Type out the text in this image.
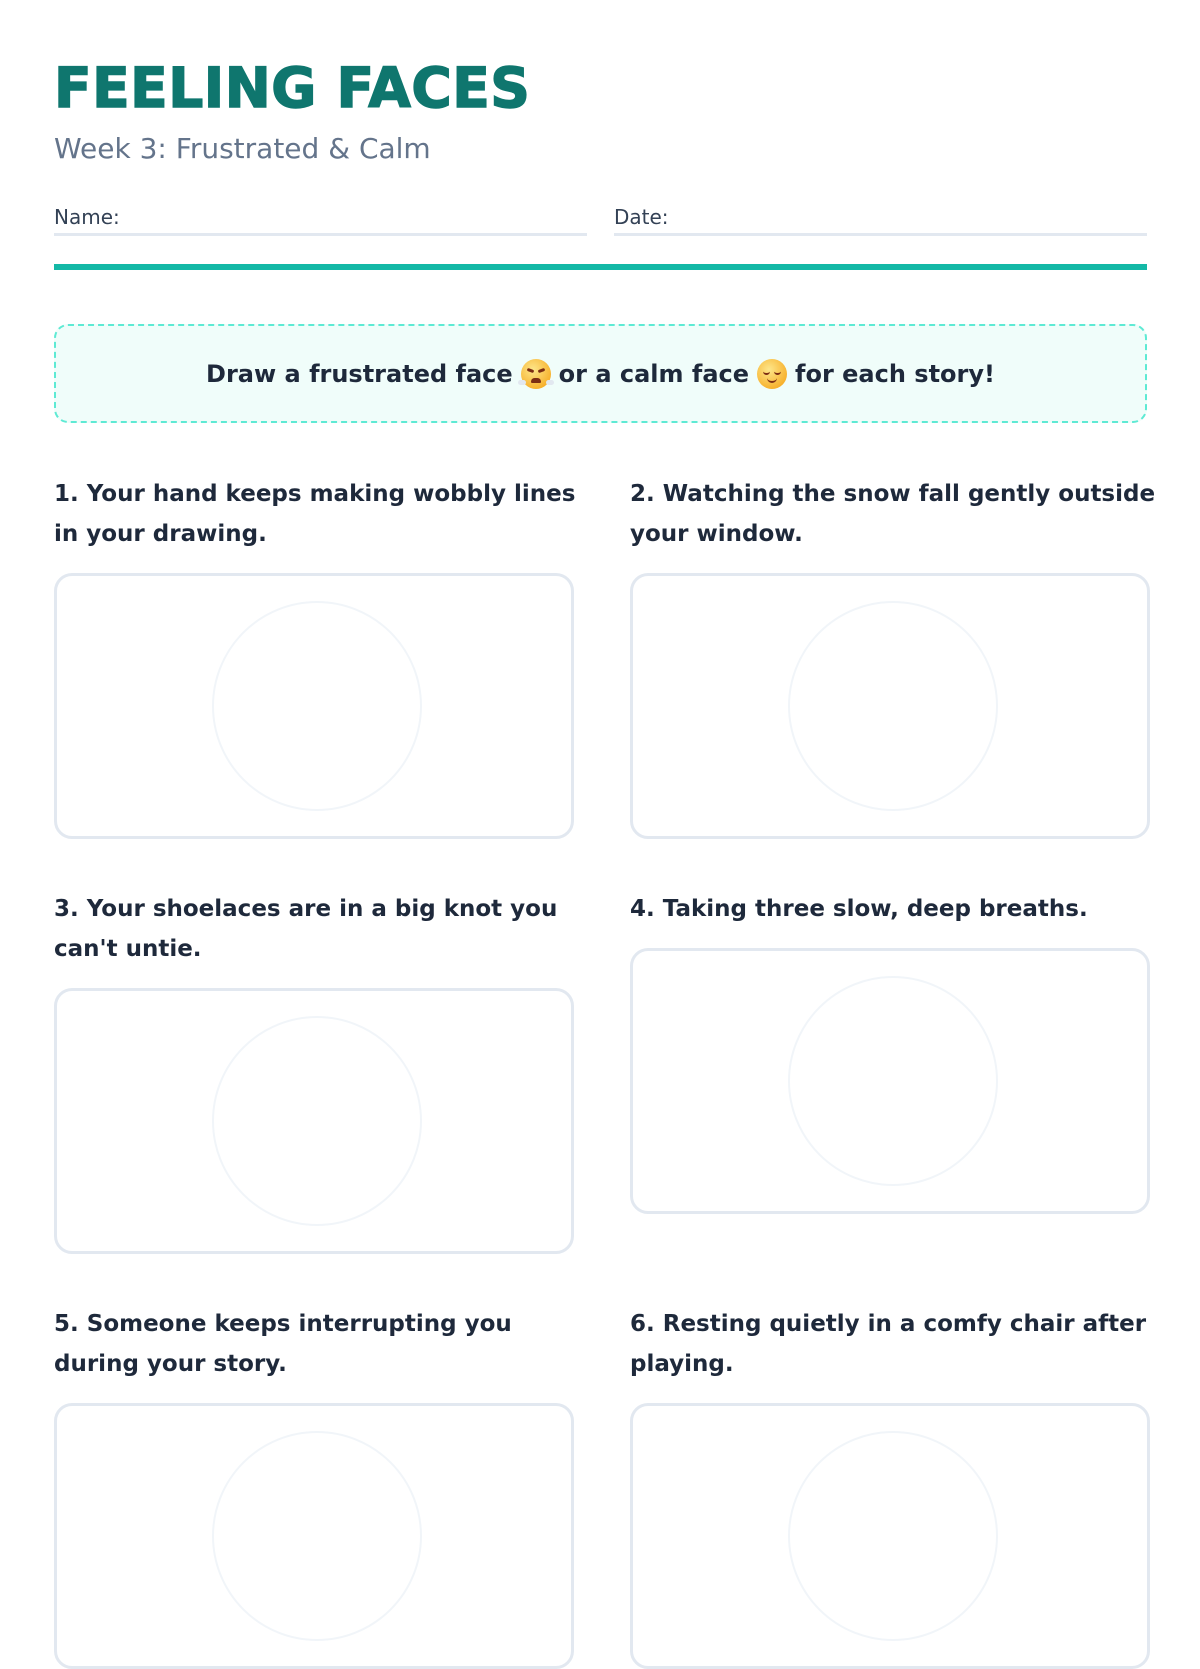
FEELING FACES
Week 3: Frustrated & Calm
Name:	Date:
Draw a frustrated face or a calm face for each story!

1. Your hand keeps making wobbly lines in your drawing.

2. Watching the snow fall gently outside your window.

3. Your shoelaces are in a big knot you can't untie.

4. Taking three slow, deep breaths.

5. Someone keeps interrupting you during your story.

6. Resting quietly in a comfy chair after playing.
